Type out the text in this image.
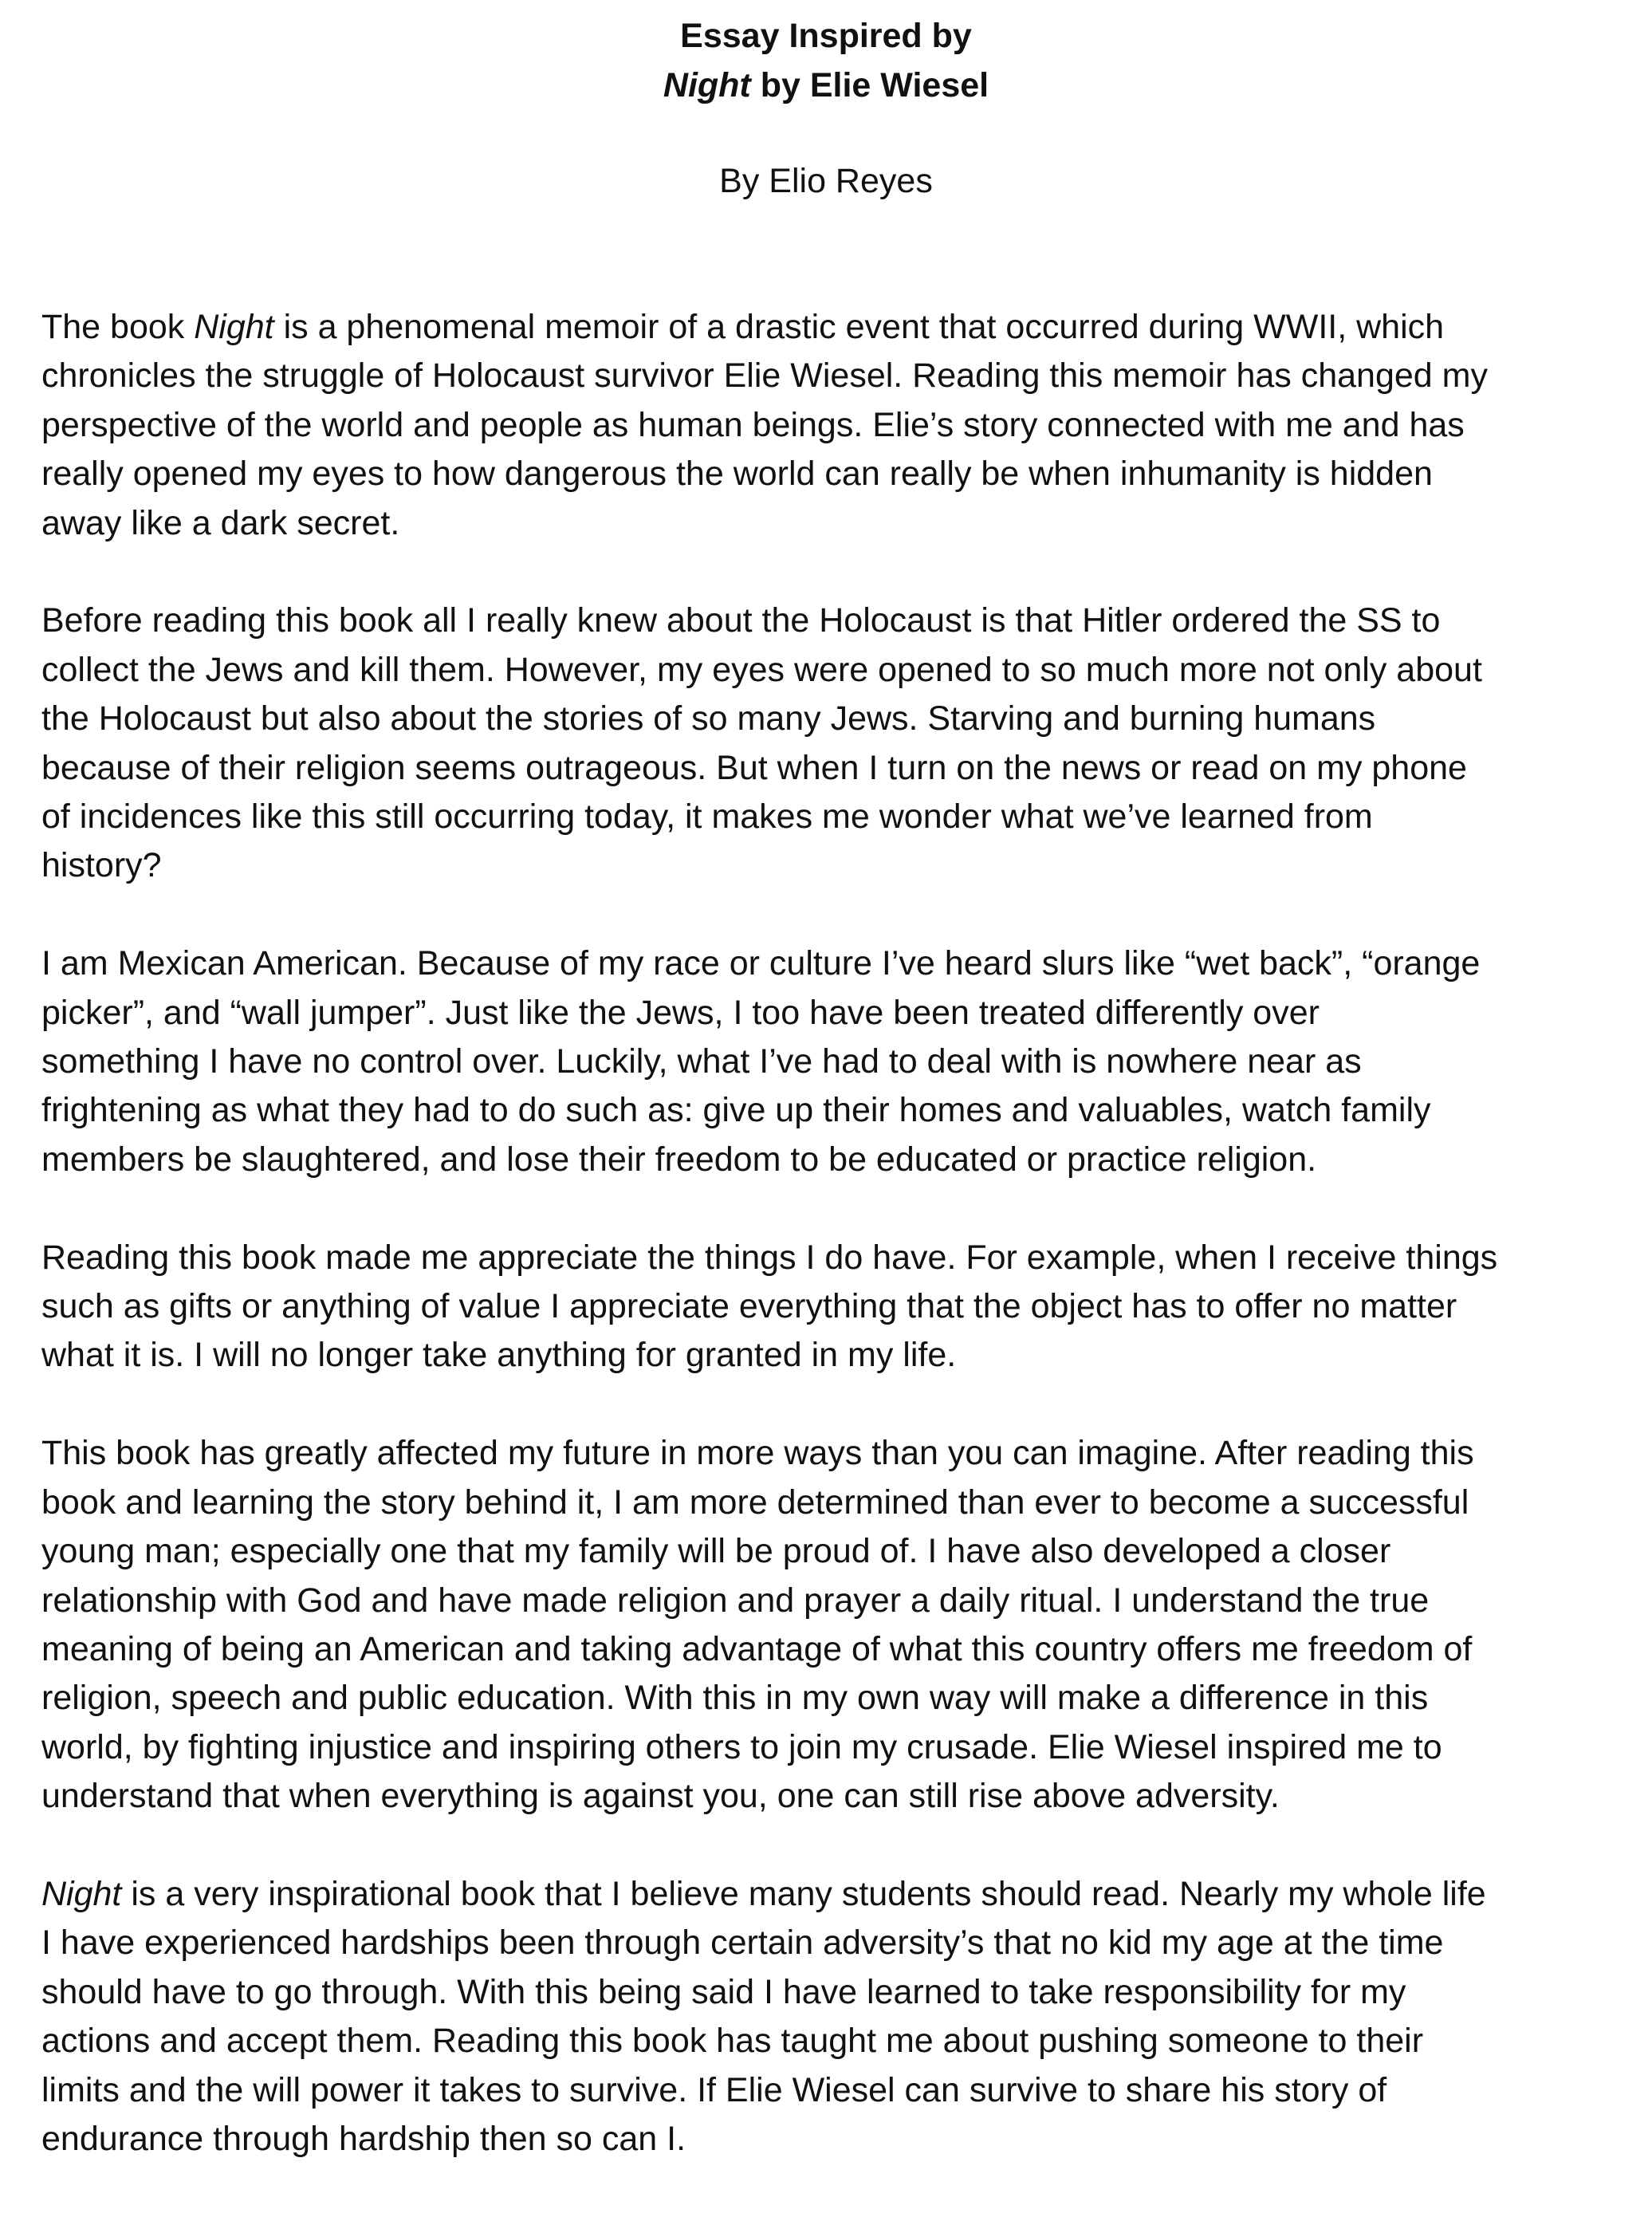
Essay Inspired by
Night by Elie Wiesel
By Elio Reyes
The book Night is a phenomenal memoir of a drastic event that occurred during WWII, which
chronicles the struggle of Holocaust survivor Elie Wiesel. Reading this memoir has changed my
perspective of the world and people as human beings. Elie’s story connected with me and has
really opened my eyes to how dangerous the world can really be when inhumanity is hidden
away like a dark secret.
Before reading this book all I really knew about the Holocaust is that Hitler ordered the SS to
collect the Jews and kill them. However, my eyes were opened to so much more not only about
the Holocaust but also about the stories of so many Jews. Starving and burning humans
because of their religion seems outrageous. But when I turn on the news or read on my phone
of incidences like this still occurring today, it makes me wonder what we’ve learned from
history?
I am Mexican American. Because of my race or culture I’ve heard slurs like “wet back”, “orange
picker”, and “wall jumper”. Just like the Jews, I too have been treated differently over
something I have no control over. Luckily, what I’ve had to deal with is nowhere near as
frightening as what they had to do such as: give up their homes and valuables, watch family
members be slaughtered, and lose their freedom to be educated or practice religion.
Reading this book made me appreciate the things I do have. For example, when I receive things
such as gifts or anything of value I appreciate everything that the object has to offer no matter
what it is. I will no longer take anything for granted in my life.
This book has greatly affected my future in more ways than you can imagine. After reading this
book and learning the story behind it, I am more determined than ever to become a successful
young man; especially one that my family will be proud of. I have also developed a closer
relationship with God and have made religion and prayer a daily ritual. I understand the true
meaning of being an American and taking advantage of what this country offers me freedom of
religion, speech and public education. With this in my own way will make a difference in this
world, by fighting injustice and inspiring others to join my crusade. Elie Wiesel inspired me to
understand that when everything is against you, one can still rise above adversity.
Night is a very inspirational book that I believe many students should read. Nearly my whole life
I have experienced hardships been through certain adversity’s that no kid my age at the time
should have to go through. With this being said I have learned to take responsibility for my
actions and accept them. Reading this book has taught me about pushing someone to their
limits and the will power it takes to survive. If Elie Wiesel can survive to share his story of
endurance through hardship then so can I.
